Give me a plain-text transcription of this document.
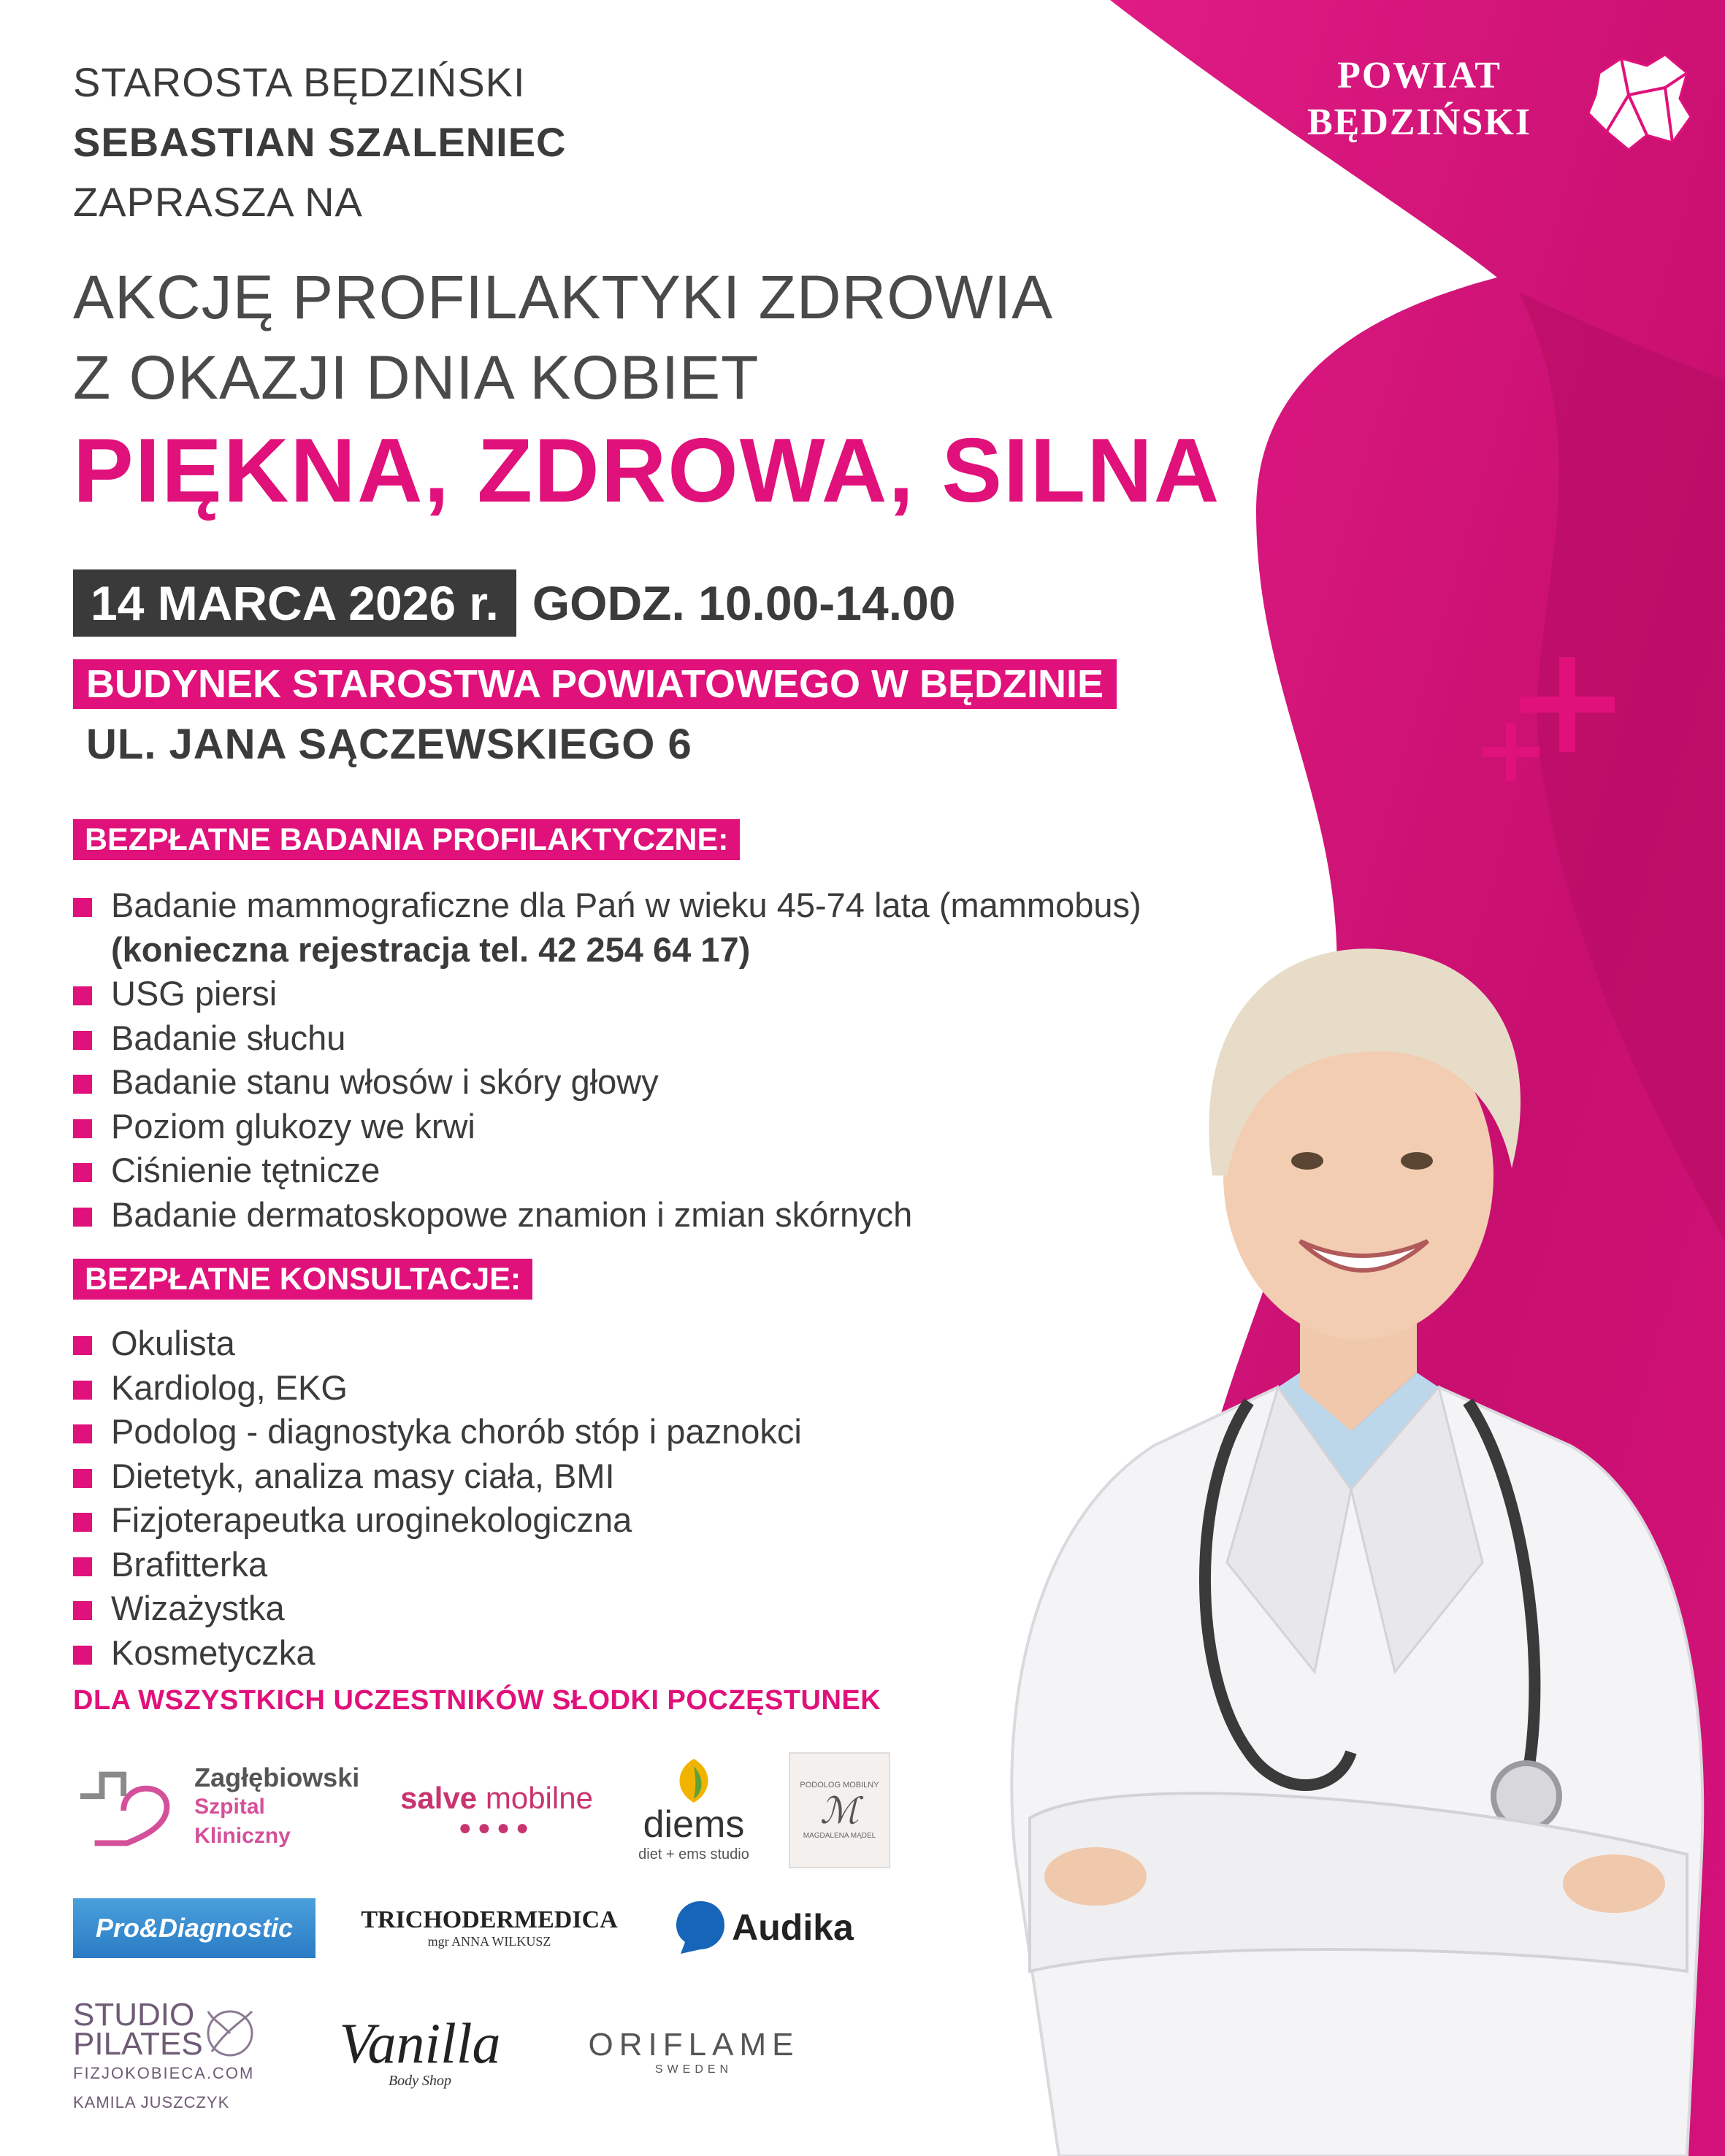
STAROSTA BĘDZIŃSKI
SEBASTIAN SZALENIEC
ZAPRASZA NA
POWIAT
BĘDZIŃSKI
AKCJĘ PROFILAKTYKI ZDROWIA
Z OKAZJI DNIA KOBIET
PIĘKNA, ZDROWA, SILNA
14 MARCA 2026 r. GODZ. 10.00-14.00
BUDYNEK STAROSTWA POWIATOWEGO W BĘDZINIE
UL. JANA SĄCZEWSKIEGO 6
BEZPŁATNE BADANIA PROFILAKTYCZNE:
Badanie mammograficzne dla Pań w wieku 45-74 lata (mammobus)
(konieczna rejestracja tel. 42 254 64 17)
USG piersi
Badanie słuchu
Badanie stanu włosów i skóry głowy
Poziom glukozy we krwi
Ciśnienie tętnicze
Badanie dermatoskopowe znamion i zmian skórnych
BEZPŁATNE KONSULTACJE:
Okulista
Kardiolog, EKG
Podolog - diagnostyka chorób stóp i paznokci
Dietetyk, analiza masy ciała, BMI
Fizjoterapeutka uroginekologiczna
Brafitterka
Wizażystka
Kosmetyczka
DLA WSZYSTKICH UCZESTNIKÓW SŁODKI POCZĘSTUNEK
Zagłębiowski
Szpital Kliniczny
salve mobilne
●●●●	diems
diet + ems studio
PODOLOG MOBILNY
ℳ
MAGDALENA MĄDEL
Pro&Diagnostic	TRICHODERMEDICA
mgr ANNA WILKUSZ	Audika
STUDIO
PILATES
FIZJOKOBIECA.COM
KAMILA JUSZCZYK
Vanilla
Body Shop
ORIFLAME
SWEDEN
